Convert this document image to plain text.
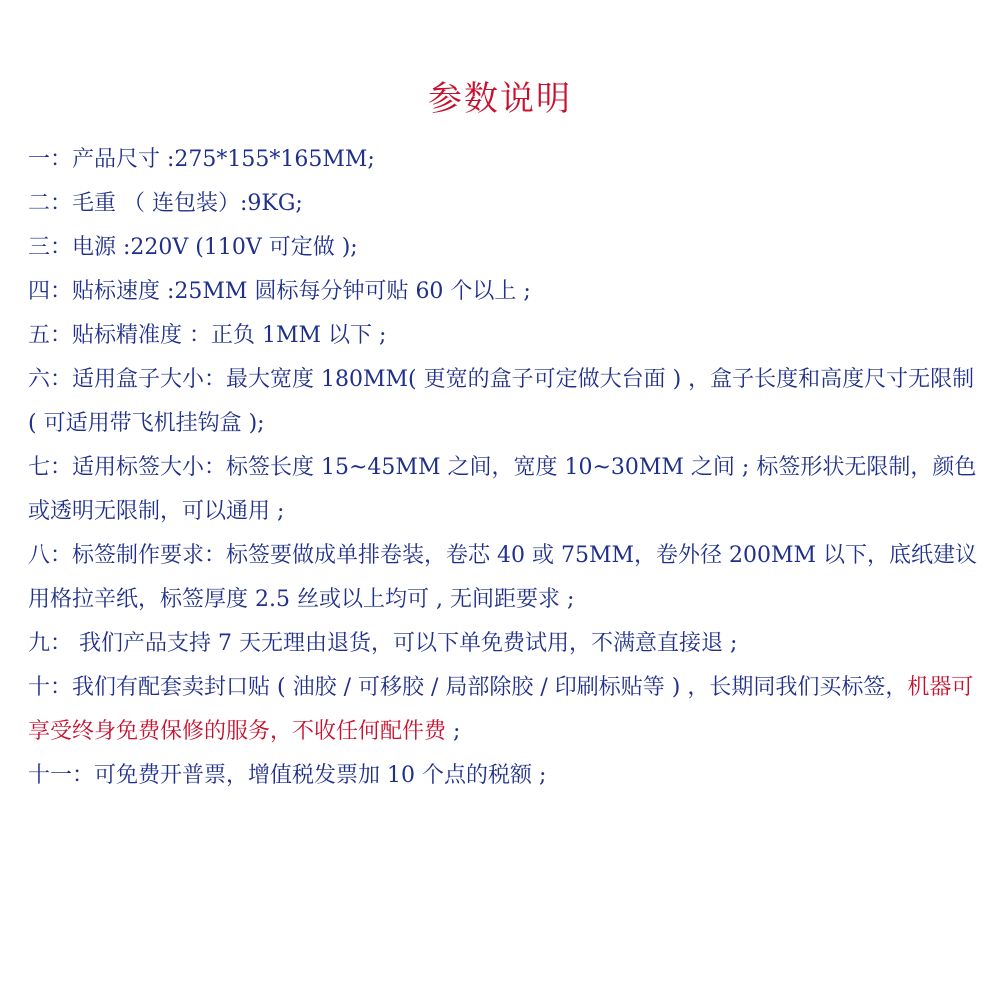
参数说明
一：产品尺寸 :275*155*165MM;
二：毛重 （ 连包装）:9KG;
三：电源 :220V (110V 可定做 );
四：贴标速度 :25MM 圆标每分钟可贴 60 个以上 ;
五：贴标精准度 ：正负 1MM 以下 ;
六：适用盒子大小：最大宽度 180MM( 更宽的盒子可定做大台面 ) ，盒子长度和高度尺寸无限制 ( 可适用带飞机挂钩盒 );
七：适用标签大小：标签长度 15~45MM 之间，宽度 10~30MM 之间 ; 标签形状无限制，颜色或透明无限制，可以通用 ;
八：标签制作要求：标签要做成单排卷装，卷芯 40 或 75MM，卷外径 200MM 以下，底纸建议用格拉辛纸，标签厚度 2.5 丝或以上均可 , 无间距要求 ;
九： 我们产品支持 7 天无理由退货，可以下单免费试用，不满意直接退 ;
十：我们有配套卖封口贴 ( 油胶 / 可移胶 / 局部除胶 / 印刷标贴等 ) ，长期同我们买标签，机器可享受终身免费保修的服务，不收任何配件费 ;
十一：可免费开普票，增值税发票加 10 个点的税额 ;
